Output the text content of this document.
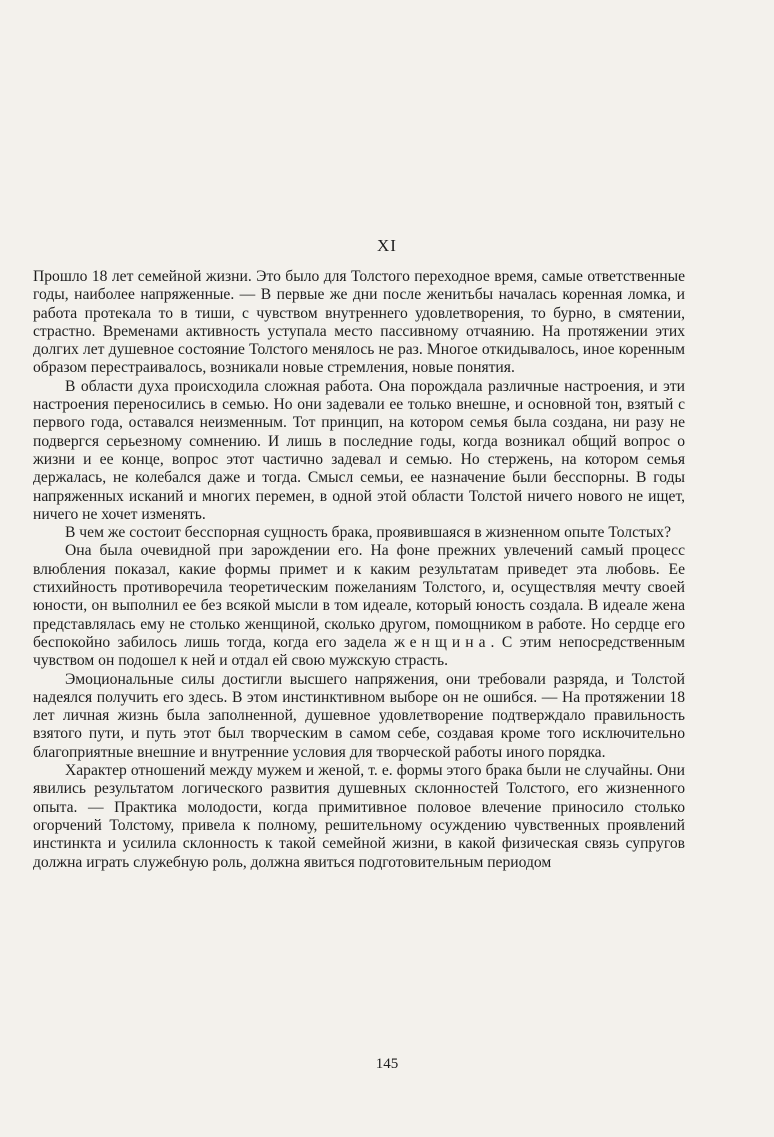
XI

Прошло 18 лет семейной жизни. Это было для Толстого переходное время, самые ответственные годы, наиболее напряженные. — В первые же дни после женитьбы началась коренная ломка, и работа протекала то в тиши, с чувством внутреннего удовлетворения, то бурно, в смятении, страстно. Временами активность уступала место пассивному отчаянию. На протяжении этих долгих лет душевное состояние Толстого менялось не раз. Многое откидывалось, иное коренным образом перестраивалось, возникали новые стремления, новые понятия.

В области духа происходила сложная работа. Она порождала различные настроения, и эти настроения переносились в семью. Но они задевали ее только внешне, и основной тон, взятый с первого года, оставался неизменным. Тот принцип, на котором семья была создана, ни разу не подвергся серьезному сомнению. И лишь в последние годы, когда возникал общий вопрос о жизни и ее конце, вопрос этот частично задевал и семью. Но стержень, на котором семья держалась, не колебался даже и тогда. Смысл семьи, ее назначение были бесспорны. В годы напряженных исканий и многих перемен, в одной этой области Толстой ничего нового не ищет, ничего не хочет изменять.

В чем же состоит бесспорная сущность брака, проявившаяся в жизненном опыте Толстых?

Она была очевидной при зарождении его. На фоне прежних увлечений самый процесс влюбления показал, какие формы примет и к каким результатам приведет эта любовь. Ее стихийность противоречила теоретическим пожеланиям Толстого, и, осуществляя мечту своей юности, он выполнил ее без всякой мысли в том идеале, который юность создала. В идеале жена представлялась ему не столько женщиной, сколько другом, помощником в работе. Но сердце его беспокойно забилось лишь тогда, когда его задела женщина. С этим непосредственным чувством он подошел к ней и отдал ей свою мужскую страсть.

Эмоциональные силы достигли высшего напряжения, они требовали разряда, и Толстой надеялся получить его здесь. В этом инстинктивном выборе он не ошибся. — На протяжении 18 лет личная жизнь была заполненной, душевное удовлетворение подтверждало правильность взятого пути, и путь этот был творческим в самом себе, создавая кроме того исключительно благоприятные внешние и внутренние условия для творческой работы иного порядка.

Характер отношений между мужем и женой, т. е. формы этого брака были не случайны. Они явились результатом логического развития душевных склонностей Толстого, его жизненного опыта. — Практика молодости, когда примитивное половое влечение приносило столько огорчений Толстому, привела к полному, решительному осуждению чувственных проявлений инстинкта и усилила склонность к такой семейной жизни, в какой физическая связь супругов должна играть служебную роль, должна явиться подготовительным периодом

145
